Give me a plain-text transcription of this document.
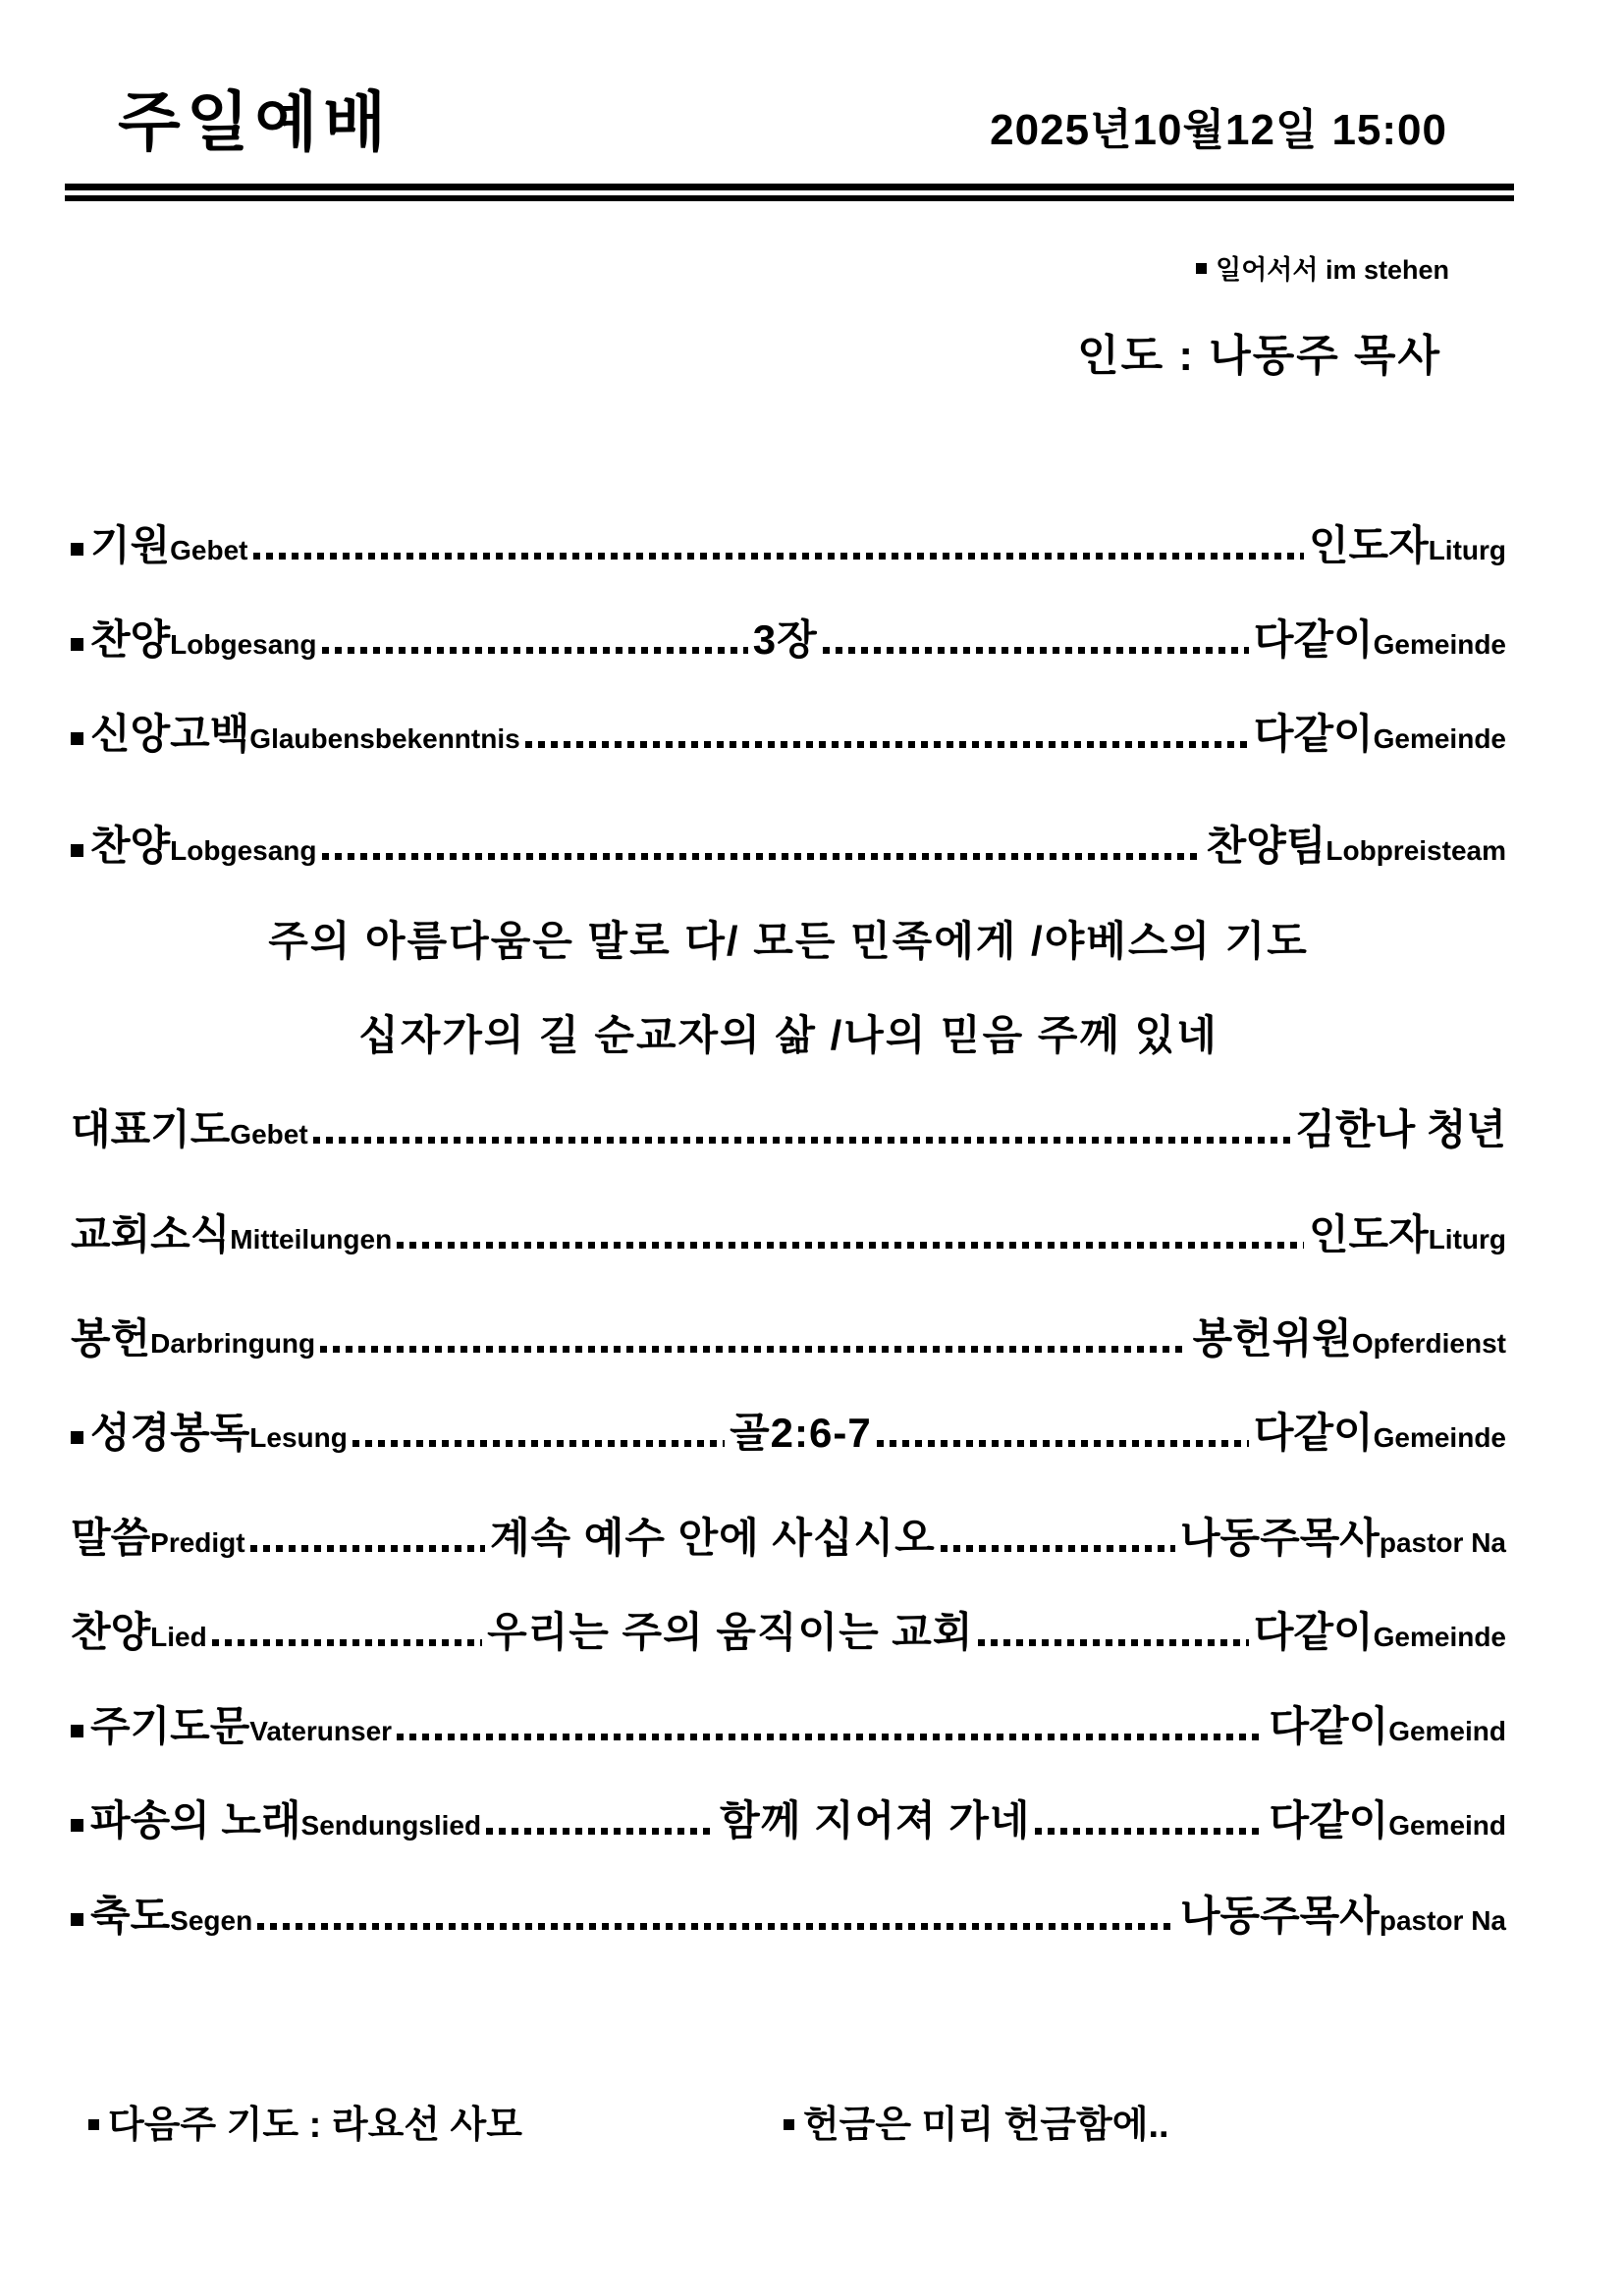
주일예배	2025년10월12일 15:00
일어서서 im stehen
인도 : 나동주 목사
기원 Gebet	인도자 Liturg
찬양 Lobgesang	3장	다같이 Gemeinde
신앙고백 Glaubensbekenntnis	다같이 Gemeinde
찬양 Lobgesang	찬양팀 Lobpreisteam
주의 아름다움은 말로 다/ 모든 민족에게 /야베스의 기도
십자가의 길 순교자의 삶 /나의 믿음 주께 있네
대표기도 Gebet	김한나 청년
교회소식 Mitteilungen	인도자 Liturg
봉헌 Darbringung	봉헌위원 Opferdienst
성경봉독 Lesung	골2:6-7	다같이 Gemeinde
말씀 Predigt	계속 예수 안에 사십시오	나동주목사 pastor Na
찬양 Lied	우리는 주의 움직이는 교회	다같이 Gemeinde
주기도문 Vaterunser	다같이 Gemeind
파송의 노래 Sendungslied	함께 지어져 가네	다같이 Gemeind
축도 Segen	나동주목사 pastor Na
다음주 기도 : 라요선 사모	헌금은 미리 헌금함에..
